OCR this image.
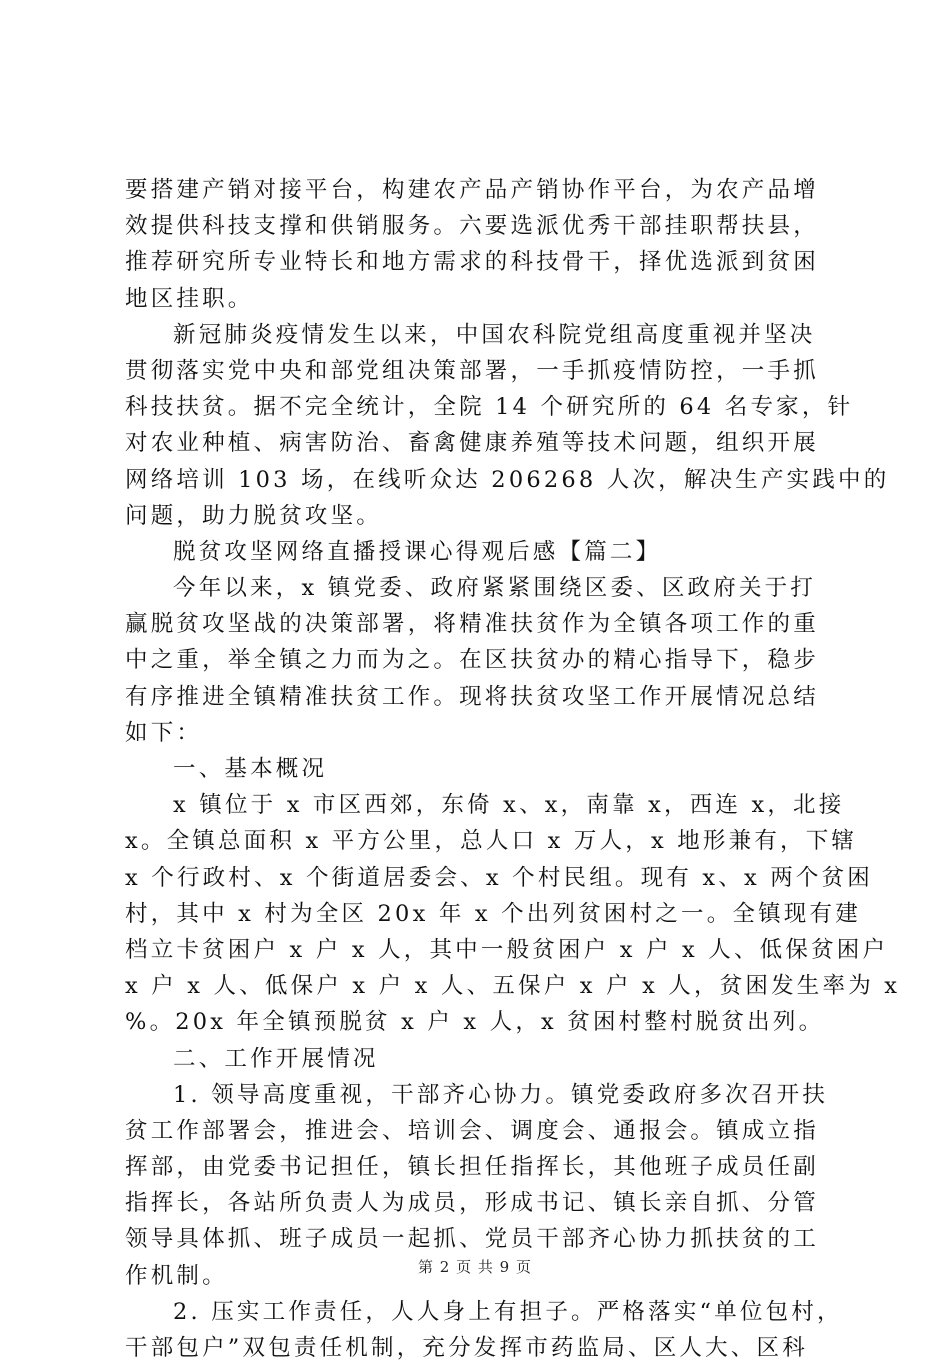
要搭建产销对接平台，构建农产品产销协作平台，为农产品增
效提供科技支撑和供销服务。六要选派优秀干部挂职帮扶县，
推荐研究所专业特长和地方需求的科技骨干，择优选派到贫困
地区挂职。
新冠肺炎疫情发生以来，中国农科院党组高度重视并坚决
贯彻落实党中央和部党组决策部署，一手抓疫情防控，一手抓
科技扶贫。据不完全统计，全院 14 个研究所的 64 名专家，针
对农业种植、病害防治、畜禽健康养殖等技术问题，组织开展
网络培训 103 场，在线听众达 206268 人次，解决生产实践中的
问题，助力脱贫攻坚。
脱贫攻坚网络直播授课心得观后感【篇二】
今年以来，x 镇党委、政府紧紧围绕区委、区政府关于打
赢脱贫攻坚战的决策部署，将精准扶贫作为全镇各项工作的重
中之重，举全镇之力而为之。在区扶贫办的精心指导下，稳步
有序推进全镇精准扶贫工作。现将扶贫攻坚工作开展情况总结
如下：
一、基本概况
x 镇位于 x 市区西郊，东倚 x、x，南靠 x，西连 x，北接
x。全镇总面积 x 平方公里，总人口 x 万人，x 地形兼有，下辖
x 个行政村、x 个街道居委会、x 个村民组。现有 x、x 两个贫困
村，其中 x 村为全区 20x 年 x 个出列贫困村之一。全镇现有建
档立卡贫困户 x 户 x 人，其中一般贫困户 x 户 x 人、低保贫困户
x 户 x 人、低保户 x 户 x 人、五保户 x 户 x 人，贫困发生率为 x
%。20x 年全镇预脱贫 x 户 x 人，x 贫困村整村脱贫出列。
二、工作开展情况
1. 领导高度重视，干部齐心协力。镇党委政府多次召开扶
贫工作部署会，推进会、培训会、调度会、通报会。镇成立指
挥部，由党委书记担任，镇长担任指挥长，其他班子成员任副
指挥长，各站所负责人为成员，形成书记、镇长亲自抓、分管
领导具体抓、班子成员一起抓、党员干部齐心协力抓扶贫的工
作机制。
2. 压实工作责任，人人身上有担子。严格落实“单位包村，
干部包户”双包责任机制，充分发挥市药监局、区人大、区科
第 2 页 共 9 页
